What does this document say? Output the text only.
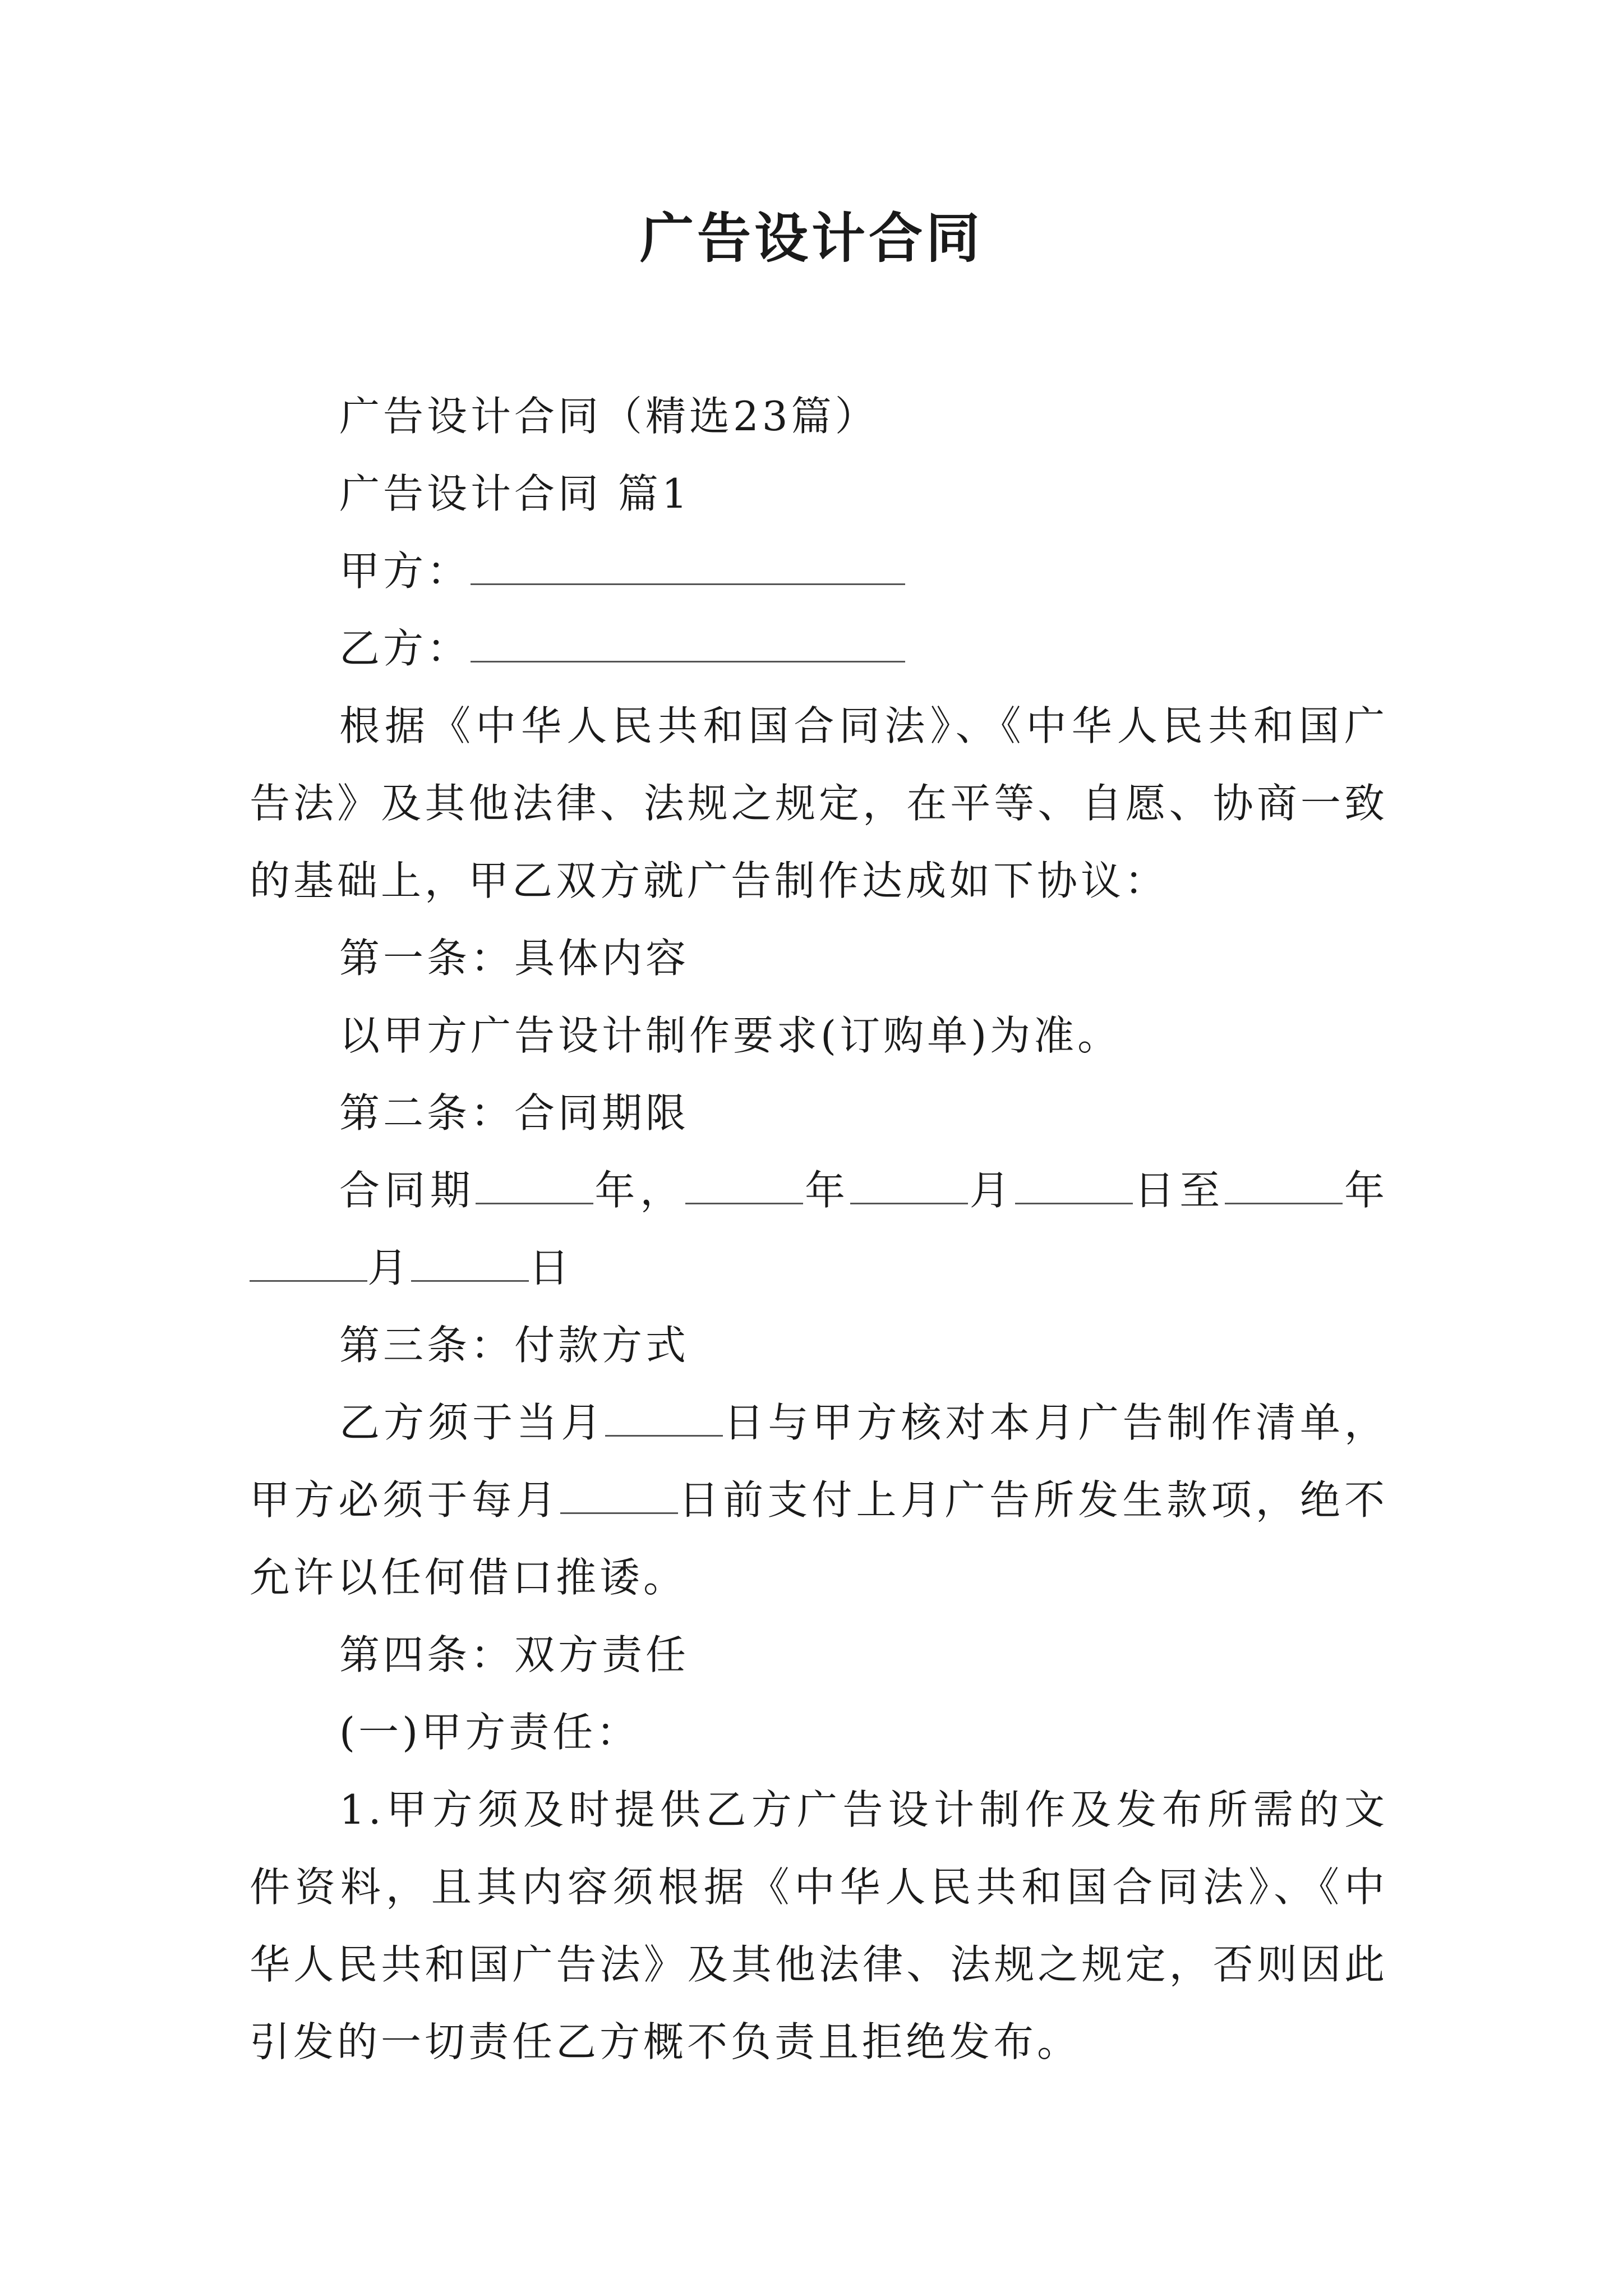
广告设计合同

广告设计合同（精选23篇）

广告设计合同 篇1

甲方：

乙方：

根据《中华人民共和国合同法》、《中华人民共和国广告法》及其他法律、法规之规定，在平等、自愿、协商一致的基础上，甲乙双方就广告制作达成如下协议：

第一条：具体内容

以甲方广告设计制作要求(订购单)为准。

第二条：合同期限

合同期	年，	年	月	日至	年月	日

第三条：付款方式

乙方须于当月	日与甲方核对本月广告制作清单，甲方必须于每月	日前支付上月广告所发生款项，绝不允许以任何借口推诿。

第四条：双方责任

(一)甲方责任：

1.甲方须及时提供乙方广告设计制作及发布所需的文件资料，且其内容须根据《中华人民共和国合同法》、《中华人民共和国广告法》及其他法律、法规之规定，否则因此引发的一切责任乙方概不负责且拒绝发布。
